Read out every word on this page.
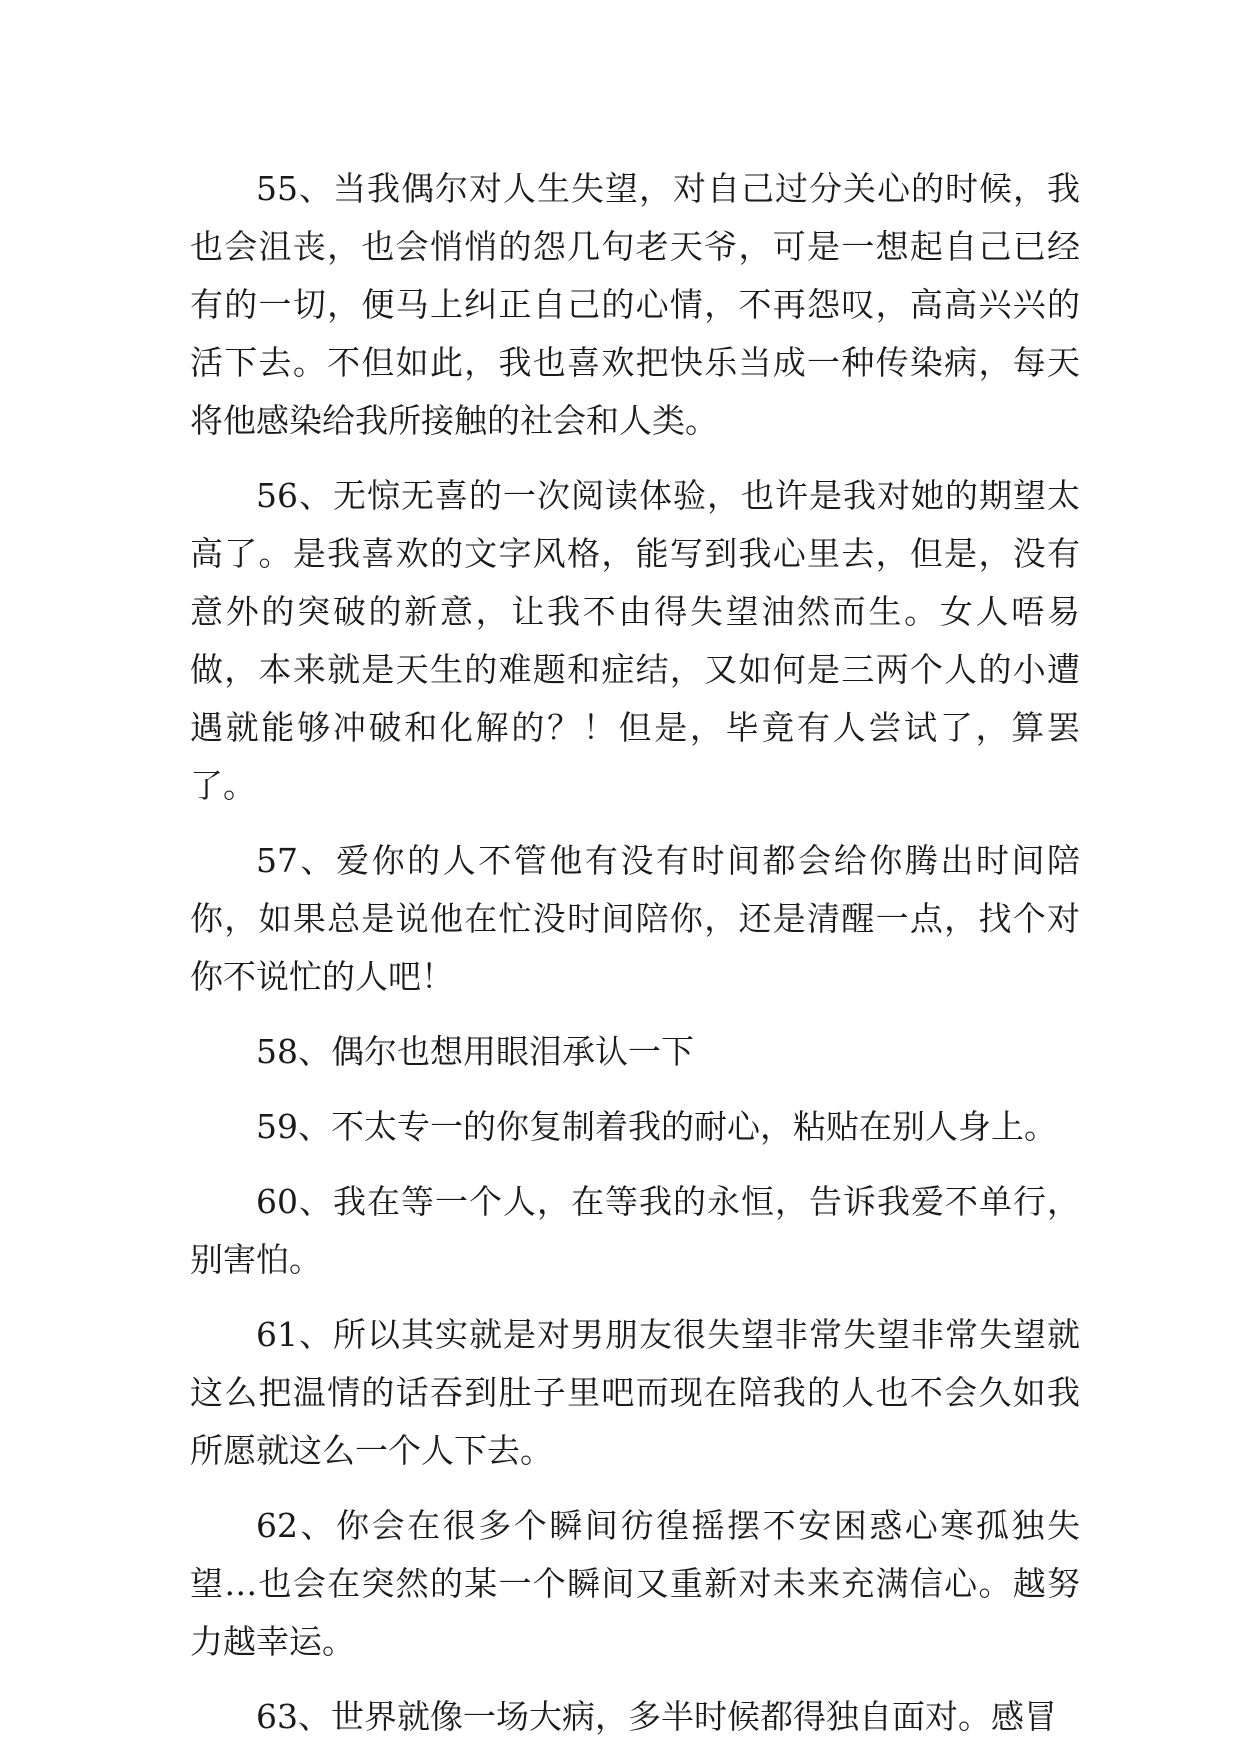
55、当我偶尔对人生失望，对自己过分关心的时候，我也会沮丧，也会悄悄的怨几句老天爷，可是一想起自己已经有的一切，便马上纠正自己的心情，不再怨叹，高高兴兴的活下去。不但如此，我也喜欢把快乐当成一种传染病，每天将他感染给我所接触的社会和人类。

56、无惊无喜的一次阅读体验，也许是我对她的期望太高了。是我喜欢的文字风格，能写到我心里去，但是，没有意外的突破的新意，让我不由得失望油然而生。女人唔易做，本来就是天生的难题和症结，又如何是三两个人的小遭遇就能够冲破和化解的？！但是，毕竟有人尝试了，算罢了。

57、爱你的人不管他有没有时间都会给你腾出时间陪你，如果总是说他在忙没时间陪你，还是清醒一点，找个对你不说忙的人吧！

58、偶尔也想用眼泪承认一下

59、不太专一的你复制着我的耐心，粘贴在别人身上。

60、我在等一个人，在等我的永恒，告诉我爱不单行，别害怕。

61、所以其实就是对男朋友很失望非常失望非常失望就这么把温情的话吞到肚子里吧而现在陪我的人也不会久如我所愿就这么一个人下去。

62、你会在很多个瞬间彷徨摇摆不安困惑心寒孤独失望…也会在突然的某一个瞬间又重新对未来充满信心。越努力越幸运。

63、世界就像一场大病，多半时候都得独自面对。感冒
